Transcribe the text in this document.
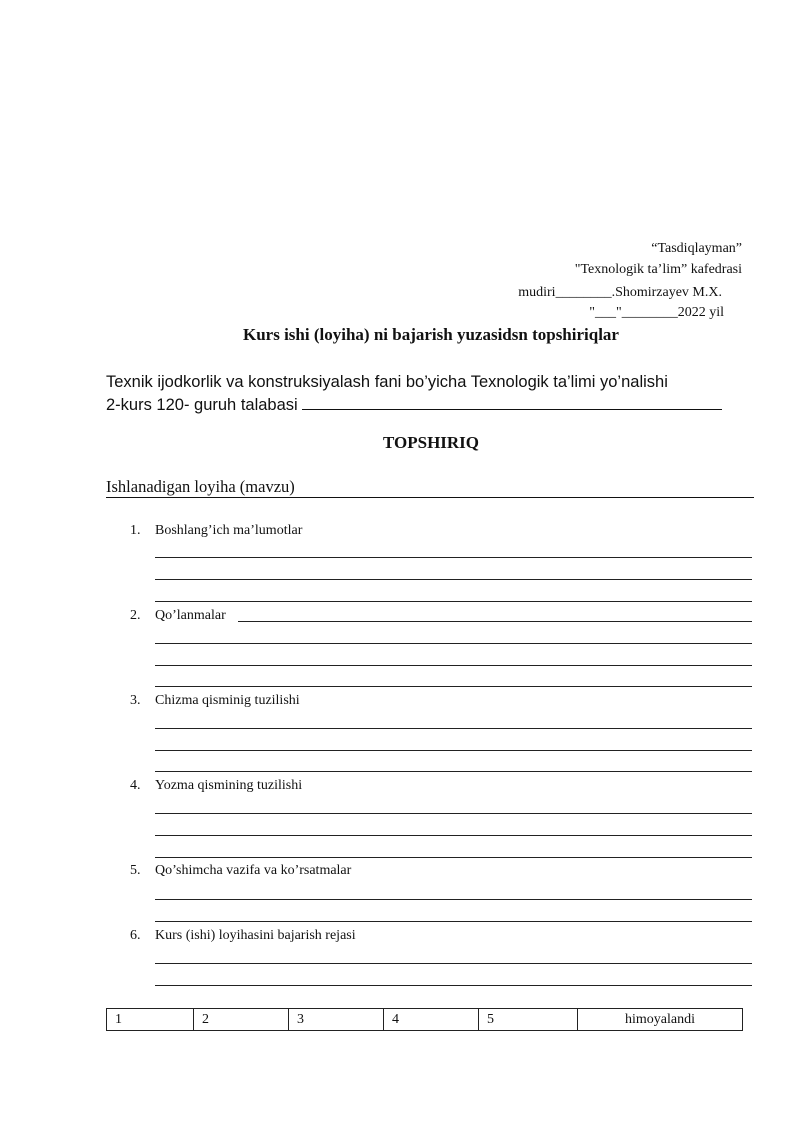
“Tasdiqlayman”
"Texnologik ta’lim” kafedrasi
mudiri________.Shomirzayev M.X.
"___"________2022 yil
Kurs ishi (loyiha) ni bajarish yuzasidsn topshiriqlar
Texnik ijodkorlik va konstruksiyalash fani bo’yicha Texnologik ta’limi yo’nalishi
2-kurs 120- guruh talabasi
TOPSHIRIQ
Ishlanadigan loyiha (mavzu)
1.	Boshlang’ich ma’lumotlar
2.	Qo’lanmalar
3.	Chizma qisminig tuzilishi
4.	Yozma qismining tuzilishi
5.	Qo’shimcha vazifa va ko’rsatmalar
6.	Kurs (ishi) loyihasini bajarish rejasi
1	2	3	4	5	himoyalandi
